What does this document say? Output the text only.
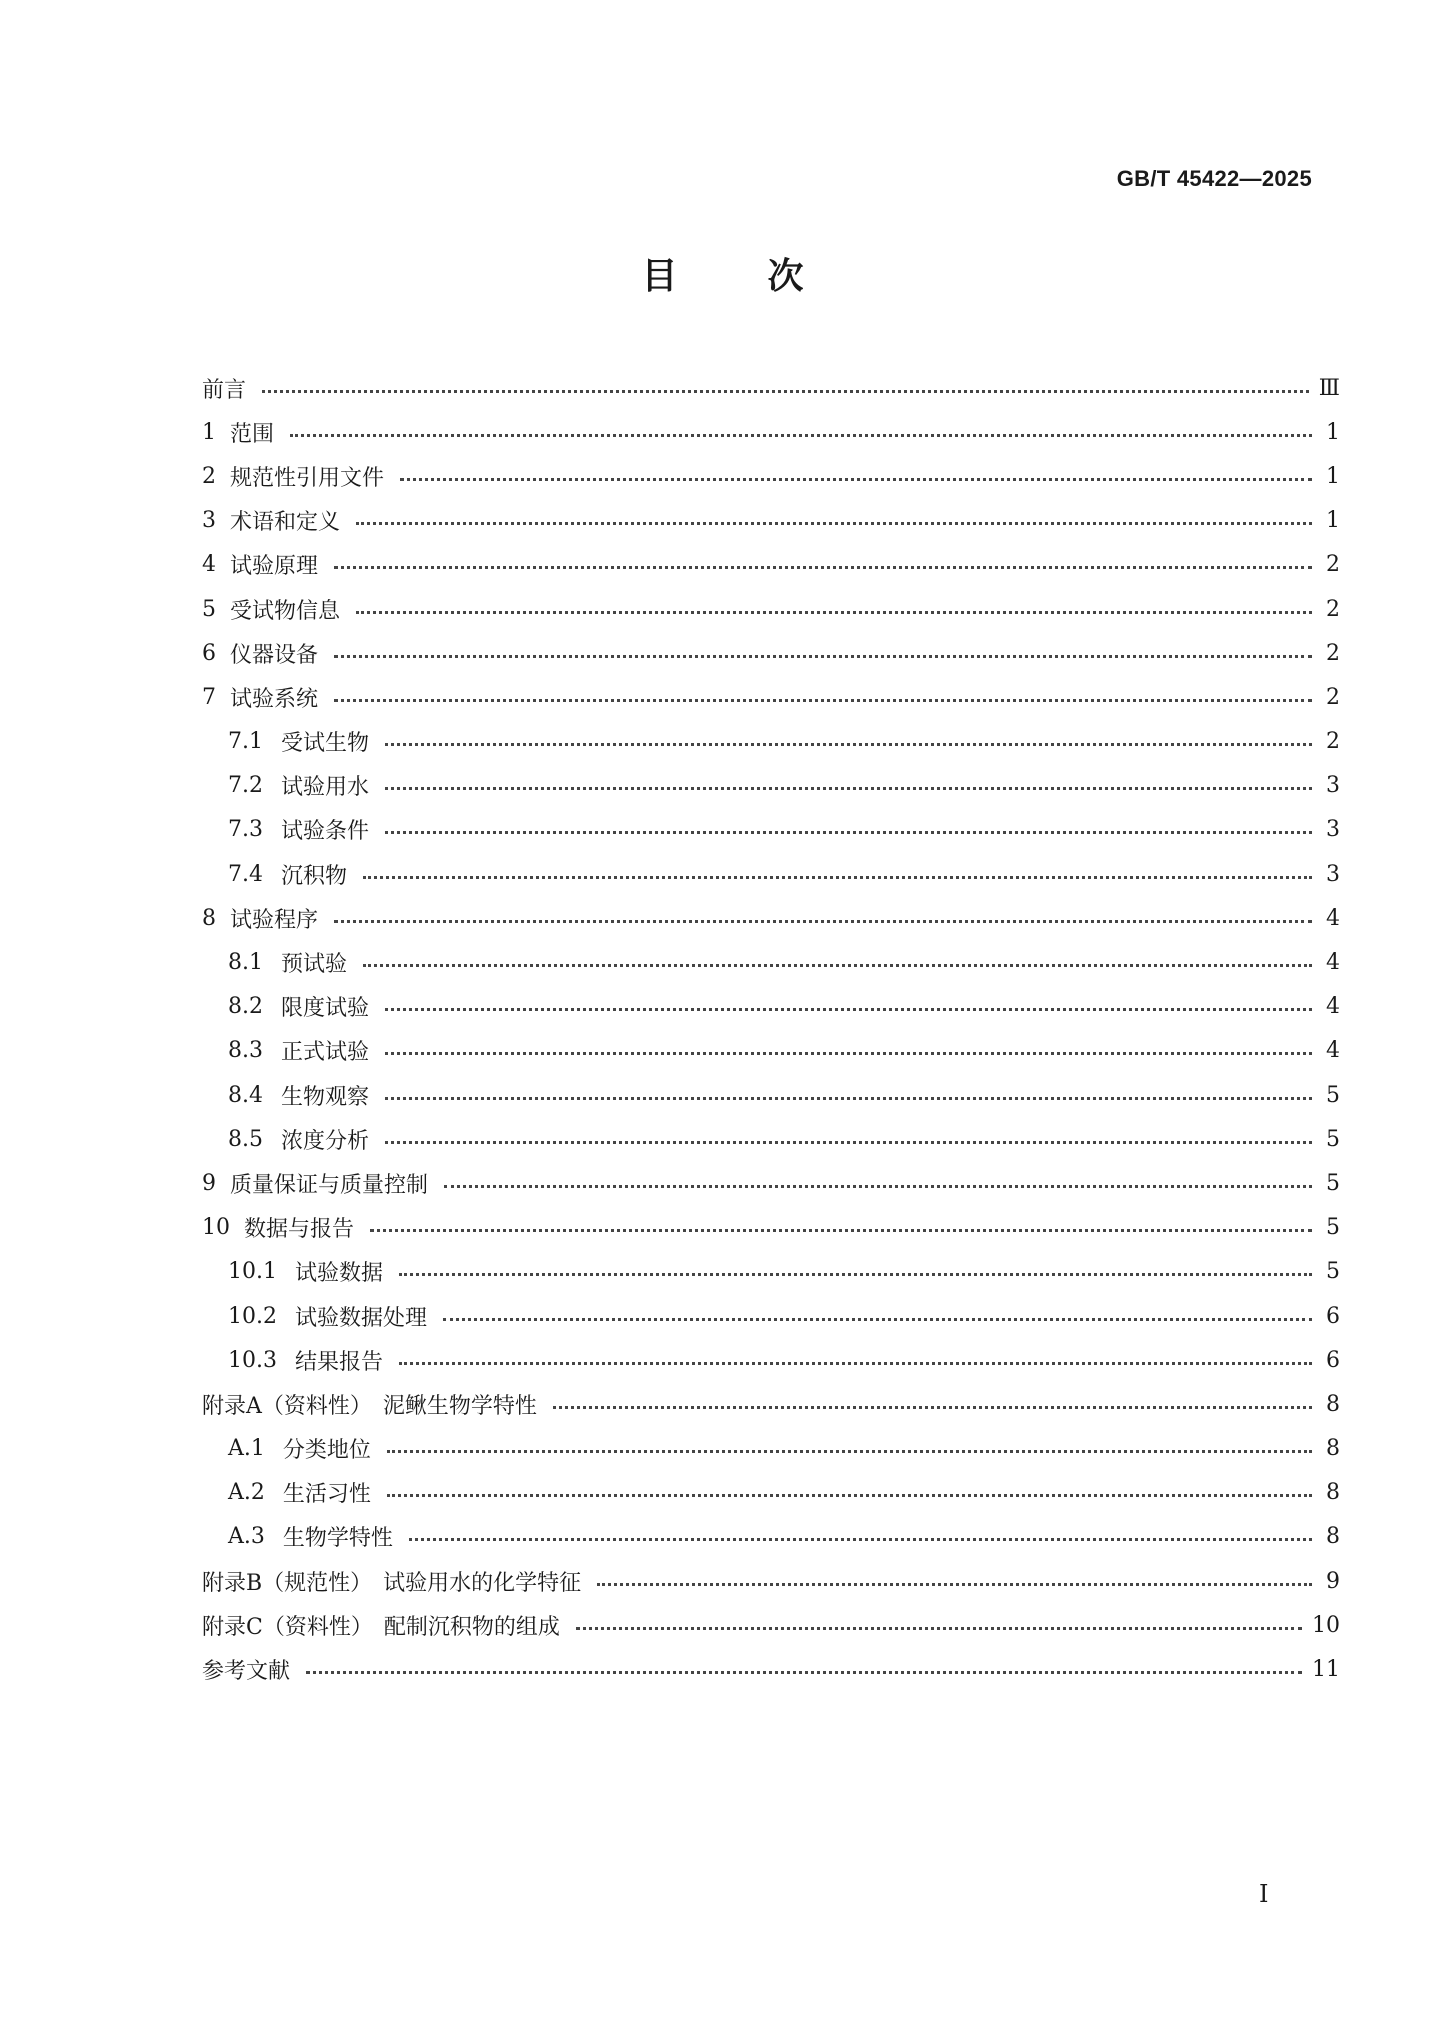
GB/T 45422—2025
目	次
前言	Ⅲ
1 范围	1
2 规范性引用文件	1
3 术语和定义	1
4 试验原理	2
5 受试物信息	2
6 仪器设备	2
7 试验系统	2
7.1 受试生物	2
7.2 试验用水	3
7.3 试验条件	3
7.4 沉积物	3
8 试验程序	4
8.1 预试验	4
8.2 限度试验	4
8.3 正式试验	4
8.4 生物观察	5
8.5 浓度分析	5
9 质量保证与质量控制	5
10 数据与报告	5
10.1 试验数据	5
10.2 试验数据处理	6
10.3 结果报告	6
附录A（资料性）　泥鳅生物学特性	8
A.1 分类地位	8
A.2 生活习性	8
A.3 生物学特性	8
附录B（规范性）　试验用水的化学特征	9
附录C（资料性）　配制沉积物的组成	10
参考文献	11
I
